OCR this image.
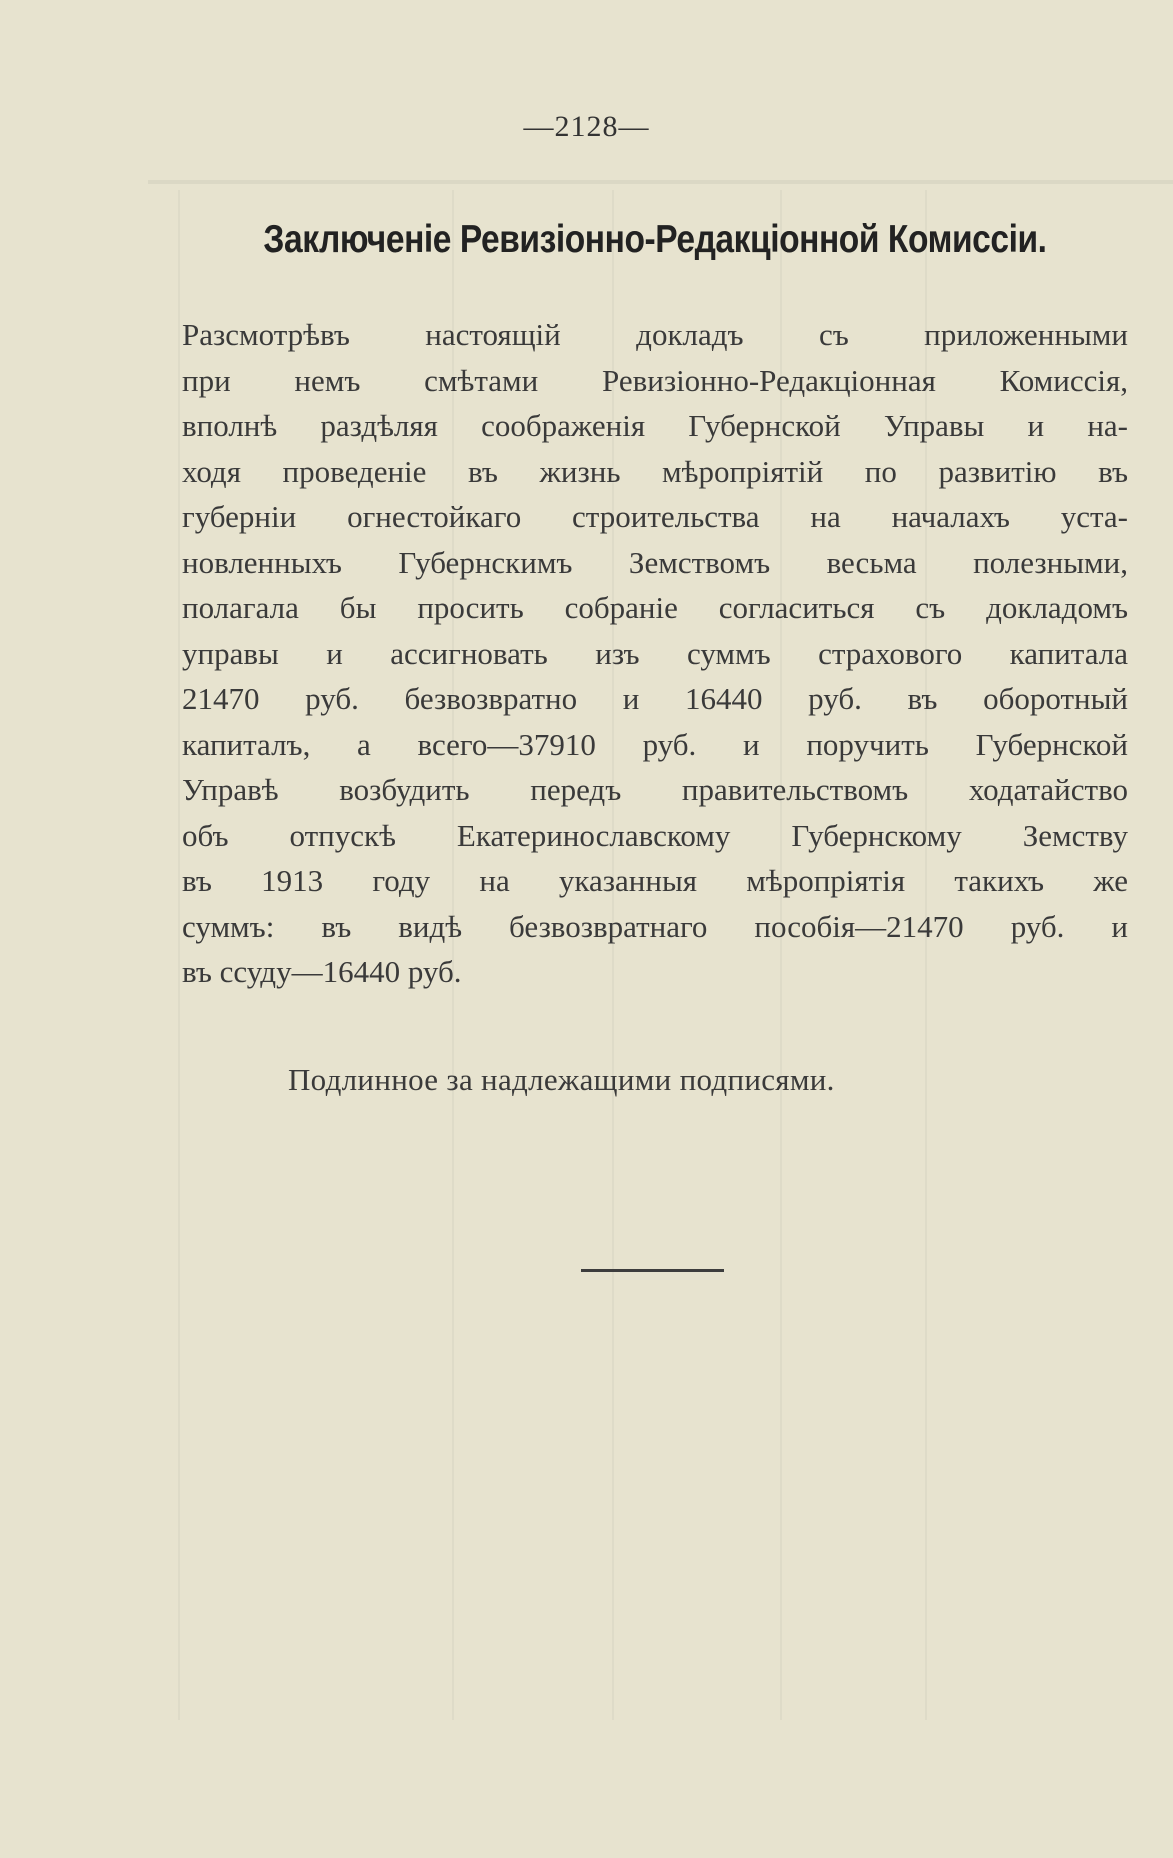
—2128—
Заключенiе Ревизiонно-Редакцiонной Комиссiи.
Разсмотрѣвъ настоящiй докладъ съ приложенными
при немъ смѣтами Ревизiонно-Редакцiонная Комиссiя,
вполнѣ раздѣляя соображенiя Губернской Управы и на-
ходя проведенiе въ жизнь мѣропрiятiй по развитiю въ
губернiи огнестойкаго строительства на началахъ уста-
новленныхъ Губернскимъ Земствомъ весьма полезными,
полагала бы просить собранiе согласиться съ докладомъ
управы и ассигновать изъ суммъ страхового капитала
21470 руб. безвозвратно и 16440 руб. въ оборотный
капиталъ, а всего—37910 руб. и поручить Губернской
Управѣ возбудить передъ правительствомъ ходатайство
объ отпускѣ Екатеринославскому Губернскому Земству
въ 1913 году на указанныя мѣропрiятiя такихъ же
суммъ: въ видѣ безвозвратнаго пособiя—21470 руб. и
въ ссуду—16440 руб.
Подлинное за надлежащими подписями.
